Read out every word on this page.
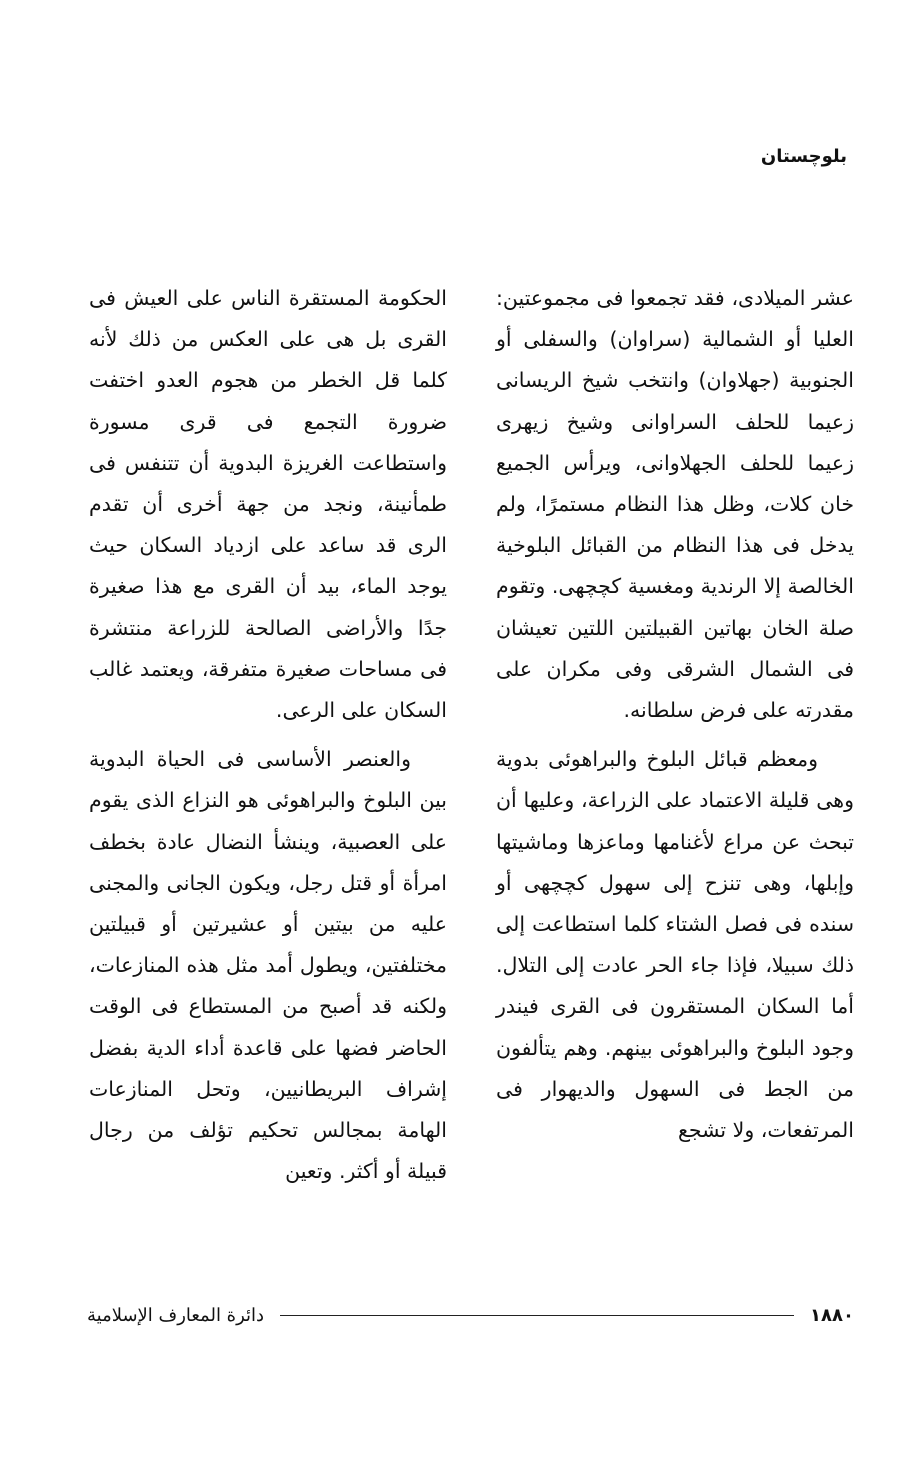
بلوچستان

عشر الميلادى، فقد تجمعوا فى مجموعتين: العليا أو الشمالية (سراوان) والسفلى أو الجنوبية (جهلاوان) وانتخب شيخ الريسانى زعيما للحلف السراوانى وشيخ زيهرى زعيما للحلف الجهلاوانى، ويرأس الجميع خان كلات، وظل هذا النظام مستمرًا، ولم يدخل فى هذا النظام من القبائل البلوخية الخالصة إلا الرندية ومغسية كچچهى. وتقوم صلة الخان بهاتين القبيلتين اللتين تعيشان فى الشمال الشرقى وفى مكران على مقدرته على فرض سلطانه.

ومعظم قبائل البلوخ والبراهوئى بدوية وهى قليلة الاعتماد على الزراعة، وعليها أن تبحث عن مراع لأغنامها وماعزها وماشيتها وإبلها، وهى تنزح إلى سهول كچچهى أو سنده فى فصل الشتاء كلما استطاعت إلى ذلك سبيلا، فإذا جاء الحر عادت إلى التلال. أما السكان المستقرون فى القرى فيندر وجود البلوخ والبراهوئى بينهم. وهم يتألفون من الجط فى السهول والديهوار فى المرتفعات، ولا تشجع

الحكومة المستقرة الناس على العيش فى القرى بل هى على العكس من ذلك لأنه كلما قل الخطر من هجوم العدو اختفت ضرورة التجمع فى قرى مسورة واستطاعت الغريزة البدوية أن تتنفس فى طمأنينة، ونجد من جهة أخرى أن تقدم الرى قد ساعد على ازدياد السكان حيث يوجد الماء، بيد أن القرى مع هذا صغيرة جدًا والأراضى الصالحة للزراعة منتشرة فى مساحات صغيرة متفرقة، ويعتمد غالب السكان على الرعى.

والعنصر الأساسى فى الحياة البدوية بين البلوخ والبراهوئى هو النزاع الذى يقوم على العصبية، وينشأ النضال عادة بخطف امرأة أو قتل رجل، ويكون الجانى والمجنى عليه من بيتين أو عشيرتين أو قبيلتين مختلفتين، ويطول أمد مثل هذه المنازعات، ولكنه قد أصبح من المستطاع فى الوقت الحاضر فضها على قاعدة أداء الدية بفضل إشراف البريطانيين، وتحل المنازعات الهامة بمجالس تحكيم تؤلف من رجال قبيلة أو أكثر. وتعين

١٨٨٠
دائرة المعارف الإسلامية
